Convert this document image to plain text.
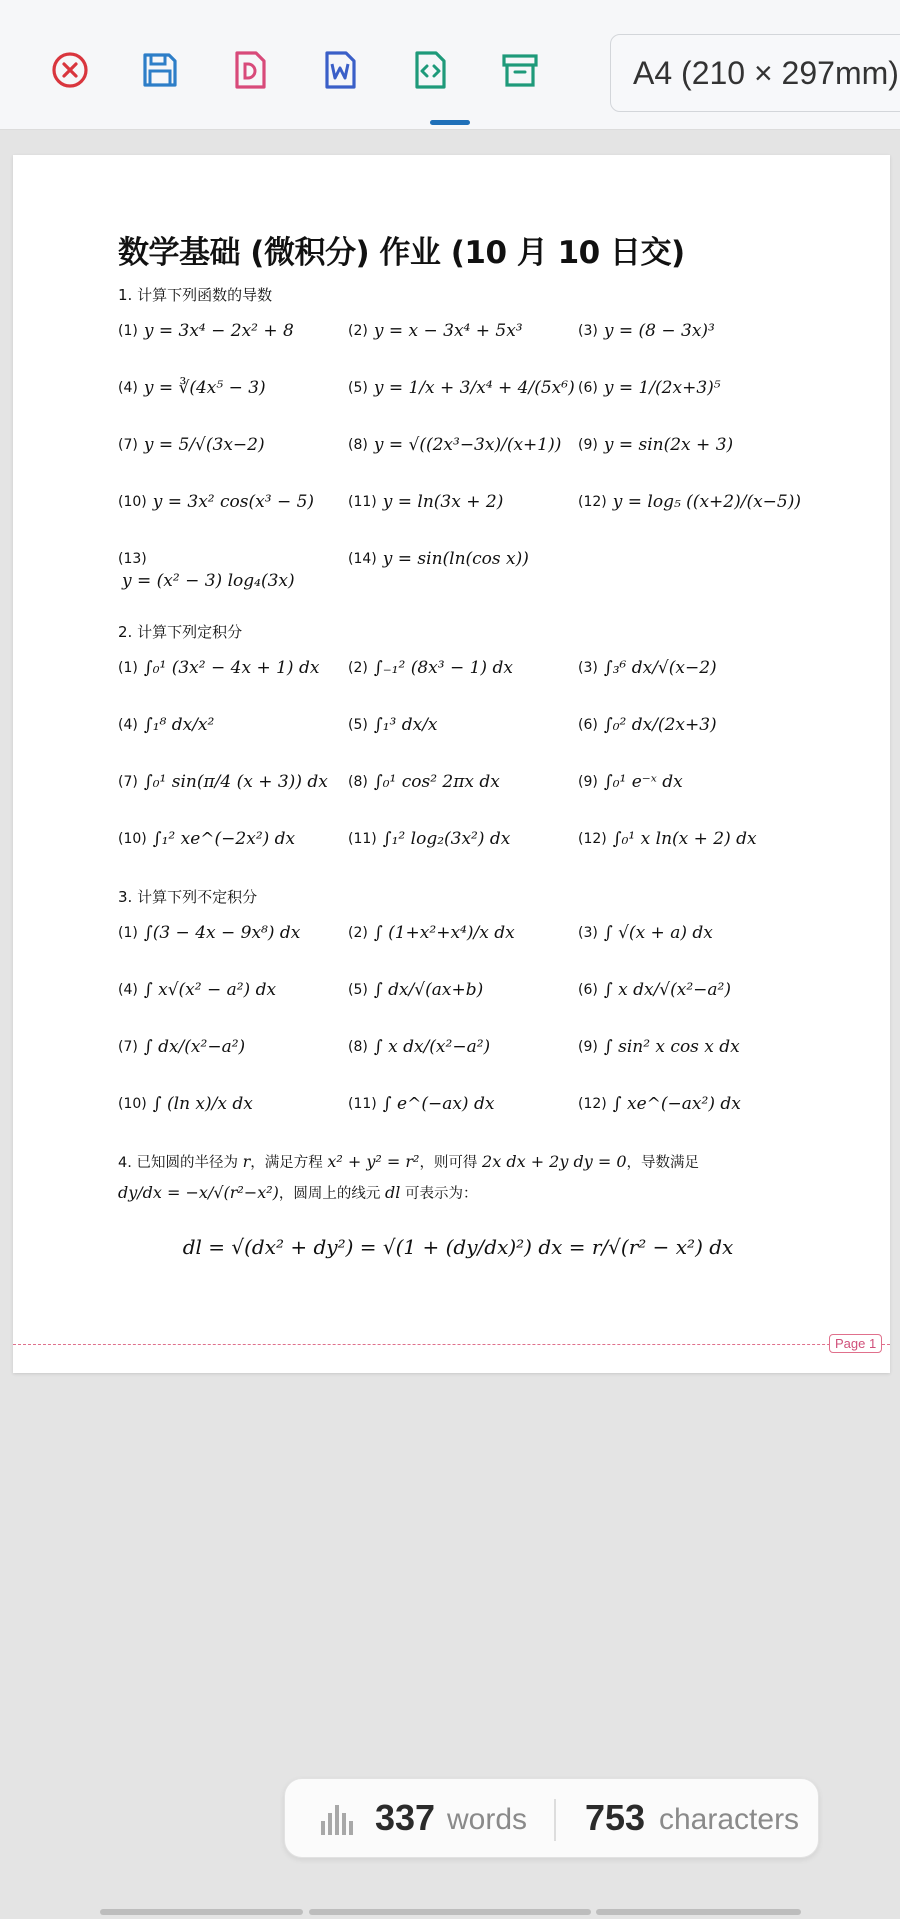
A4 (210 × 297mm)
数学基础 (微积分) 作业 (10 月 10 日交)
1. 计算下列函数的导数
(1) y = 3x⁴ − 2x² + 8	(2) y = x − 3x⁴ + 5x³	(3) y = (8 − 3x)³
(4) y = ∛(4x⁵ − 3)	(5) y = 1/x + 3/x⁴ + 4/(5x⁶) (6) y = 1/(2x+3)⁵
(7) y = 5/√(3x−2)	(8) y = √((2x³−3x)/(x+1)) (9) y = sin(2x + 3)
(10) y = 3x² cos(x³ − 5) (11) y = ln(3x + 2)	(12) y = log₅ ((x+2)/(x−5))
(13)
y = (x² − 3) log₄(3x)
(14) y = sin(ln(cos x))
2. 计算下列定积分
(1) ∫₀¹ (3x² − 4x + 1) dx (2) ∫₋₁² (8x³ − 1) dx	(3) ∫₃⁶ dx/√(x−2)
(4) ∫₁⁸ dx/x²	(5) ∫₁³ dx/x	(6) ∫₀² dx/(2x+3)
(7) ∫₀¹ sin(π/4 (x + 3)) dx (8) ∫₀¹ cos² 2πx dx	(9) ∫₀¹ e⁻ˣ dx
(10) ∫₁² xe^(−2x²) dx	(11) ∫₁² log₂(3x²) dx	(12) ∫₀¹ x ln(x + 2) dx
3. 计算下列不定积分
(1) ∫(3 − 4x − 9x⁸) dx	(2) ∫ (1+x²+x⁴)/x dx	(3) ∫ √(x + a) dx
(4) ∫ x√(x² − a²) dx	(5) ∫ dx/√(ax+b)	(6) ∫ x dx/√(x²−a²)
(7) ∫ dx/(x²−a²)	(8) ∫ x dx/(x²−a²)	(9) ∫ sin² x cos x dx
(10) ∫ (ln x)/x dx	(11) ∫ e^(−ax) dx	(12) ∫ xe^(−ax²) dx
4. 已知圆的半径为 r，满足方程 x² + y² = r²，则可得 2x dx + 2y dy = 0，导数满足
dy/dx = −x/√(r²−x²)，圆周上的线元 dl 可表示为：
dl = √(dx² + dy²) = √(1 + (dy/dx)²) dx = r/√(r² − x²) dx
Page 1
337 words 753 characters
